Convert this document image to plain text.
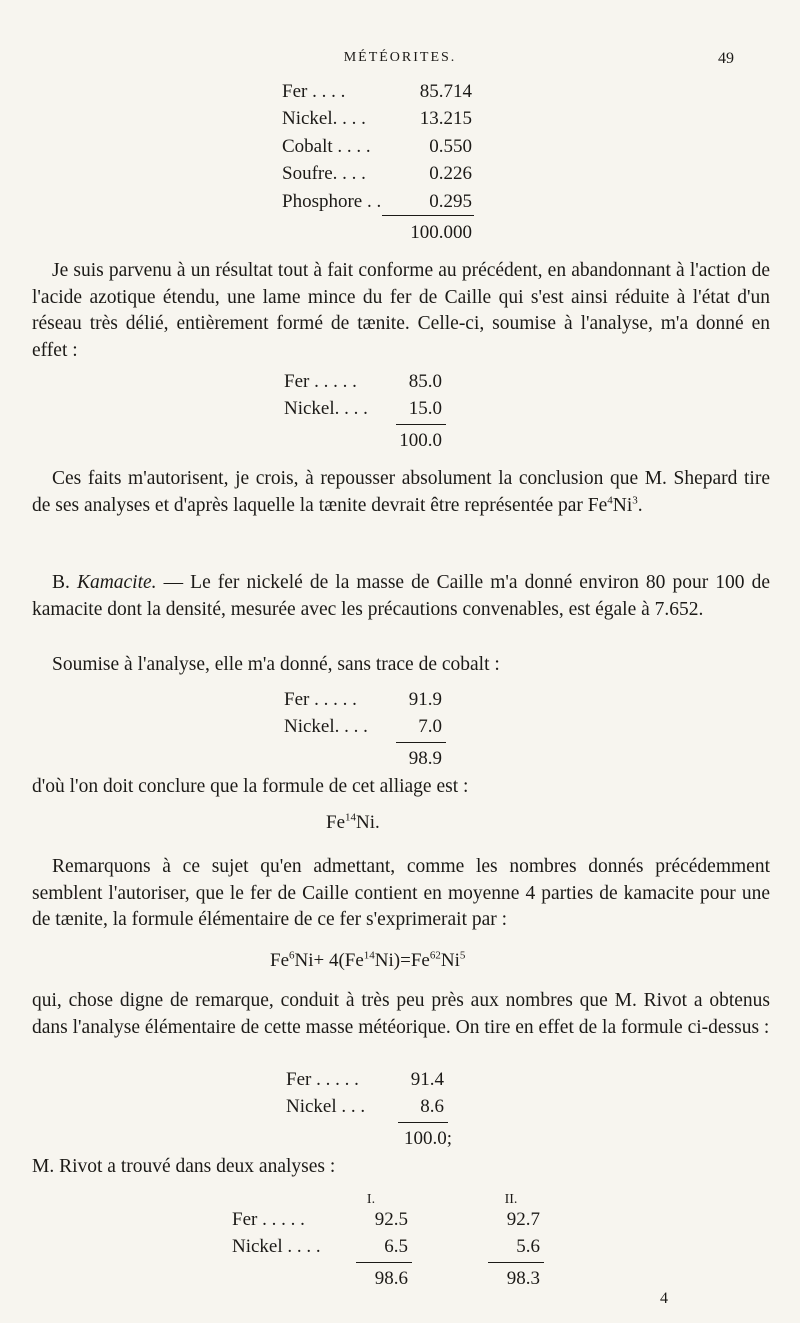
MÉTÉORITES.	49
Fer . . . .	85.714
Nickel. . . .	13.215
Cobalt . . . .	0.550
Soufre. . . .	0.226
Phosphore . .	0.295
100.000
Je suis parvenu à un résultat tout à fait conforme au précédent, en abandonnant à l'action de l'acide azotique étendu, une lame mince du fer de Caille qui s'est ainsi réduite à l'état d'un réseau très délié, entièrement formé de tænite. Celle-ci, soumise à l'analyse, m'a donné en effet :
Fer . . . . .	85.0
Nickel. . . .	15.0
100.0
Ces faits m'autorisent, je crois, à repousser absolument la conclusion que M. Shepard tire de ses analyses et d'après laquelle la tænite devrait être représentée par Fe$^4$Ni$^3$.
B. Kamacite. — Le fer nickelé de la masse de Caille m'a donné environ 80 pour 100 de kamacite dont la densité, mesurée avec les précautions convenables, est égale à 7.652.
Soumise à l'analyse, elle m'a donné, sans trace de cobalt :
Fer . . . . .	91.9
Nickel. . . .	7.0
98.9
d'où l'on doit conclure que la formule de cet alliage est :
Fe$^{14}$Ni.
Remarquons à ce sujet qu'en admettant, comme les nombres donnés précédemment semblent l'autoriser, que le fer de Caille contient en moyenne 4 parties de kamacite pour une de tænite, la formule élémentaire de ce fer s'exprimerait par :
$Fe^6Ni+ 4(Fe^{14}Ni)=Fe^{62}Ni^5$
qui, chose digne de remarque, conduit à très peu près aux nombres que M. Rivot a obtenus dans l'analyse élémentaire de cette masse météorique. On tire en effet de la formule ci-dessus :
Fer . . . . .	91.4
Nickel . . .	8.6
100.0;
M. Rivot a trouvé dans deux analyses :
I.	II.
Fer . . . . .	92.5	92.7
Nickel . . . .	6.5	5.6
98.6	98.3
4
